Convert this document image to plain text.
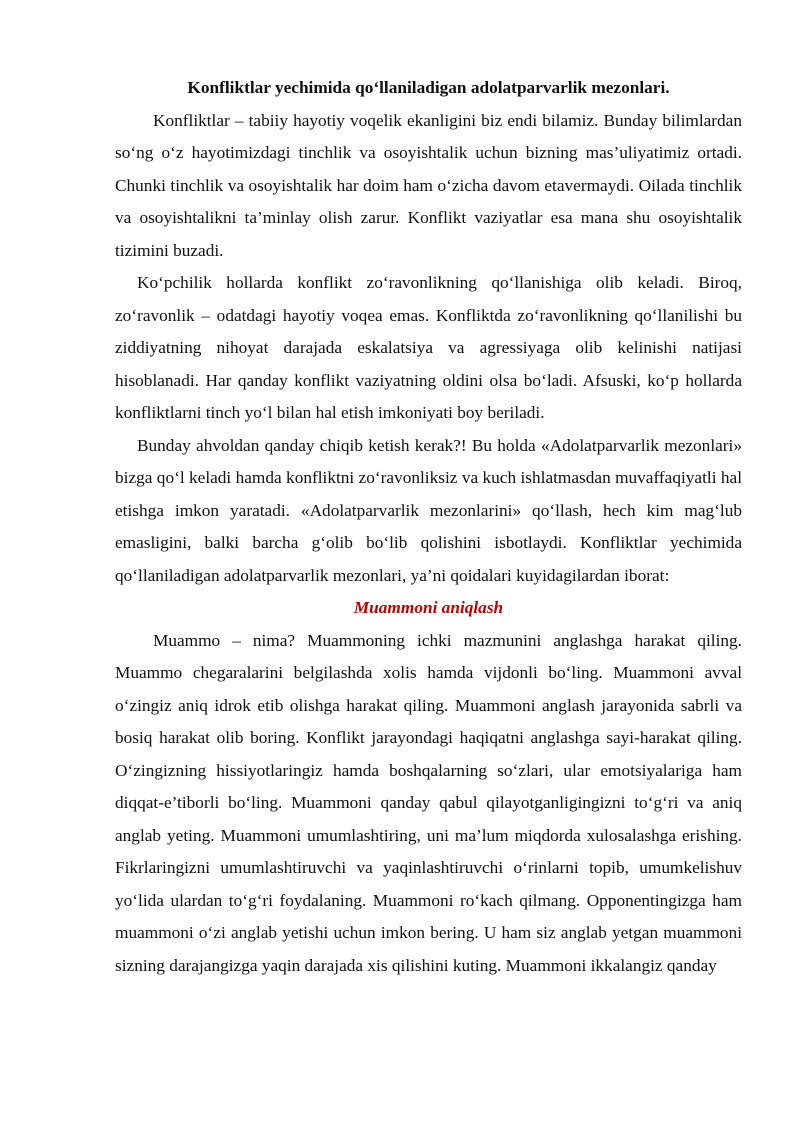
Konfliktlar yechimida qo‘llaniladigan adolatparvarlik mezonlari.

Konfliktlar – tabiiy hayotiy voqelik ekanligini biz endi bilamiz. Bunday bilimlardan so‘ng o‘z hayotimizdagi tinchlik va osoyishtalik uchun bizning mas’uliyatimiz ortadi. Chunki tinchlik va osoyishtalik har doim ham o‘zicha davom etavermaydi. Oilada tinchlik va osoyishtalikni ta’minlay olish zarur. Konflikt vaziyatlar esa mana shu osoyishtalik tizimini buzadi.

Ko‘pchilik hollarda konflikt zo‘ravonlikning qo‘llanishiga olib keladi. Biroq, zo‘ravonlik – odatdagi hayotiy voqea emas. Konfliktda zo‘ravonlikning qo‘llanilishi bu ziddiyatning nihoyat darajada eskalatsiya va agressiyaga olib kelinishi natijasi hisoblanadi. Har qanday konflikt vaziyatning oldini olsa bo‘ladi. Afsuski, ko‘p hollarda konfliktlarni tinch yo‘l bilan hal etish imkoniyati boy beriladi.

Bunday ahvoldan qanday chiqib ketish kerak?! Bu holda «Adolatparvarlik mezonlari» bizga qo‘l keladi hamda konfliktni zo‘ravonliksiz va kuch ishlatmasdan muvaffaqiyatli hal etishga imkon yaratadi. «Adolatparvarlik mezonlarini» qo‘llash, hech kim mag‘lub emasligini, balki barcha g‘olib bo‘lib qolishini isbotlaydi. Konfliktlar yechimida qo‘llaniladigan adolatparvarlik mezonlari, ya’ni qoidalari kuyidagilardan iborat:

Muammoni aniqlash

Muammo – nima? Muammoning ichki mazmunini anglashga harakat qiling. Muammo chegaralarini belgilashda xolis hamda vijdonli bo‘ling. Muammoni avval o‘zingiz aniq idrok etib olishga harakat qiling. Muammoni anglash jarayonida sabrli va bosiq harakat olib boring. Konflikt jarayondagi haqiqatni anglashga sayi-harakat qiling. O‘zingizning hissiyotlaringiz hamda boshqalarning so‘zlari, ular emotsiyalariga ham diqqat-e’tiborli bo‘ling. Muammoni qanday qabul qilayotganligingizni to‘g‘ri va aniq anglab yeting. Muammoni umumlashtiring, uni ma’lum miqdorda xulosalashga erishing. Fikrlaringizni umumlashtiruvchi va yaqinlashtiruvchi o‘rinlarni topib, umumkelishuv yo‘lida ulardan to‘g‘ri foydalaning. Muammoni ro‘kach qilmang. Opponentingizga ham muammoni o‘zi anglab yetishi uchun imkon bering. U ham siz anglab yetgan muammoni sizning darajangizga yaqin darajada xis qilishini kuting. Muammoni ikkalangiz qanday
